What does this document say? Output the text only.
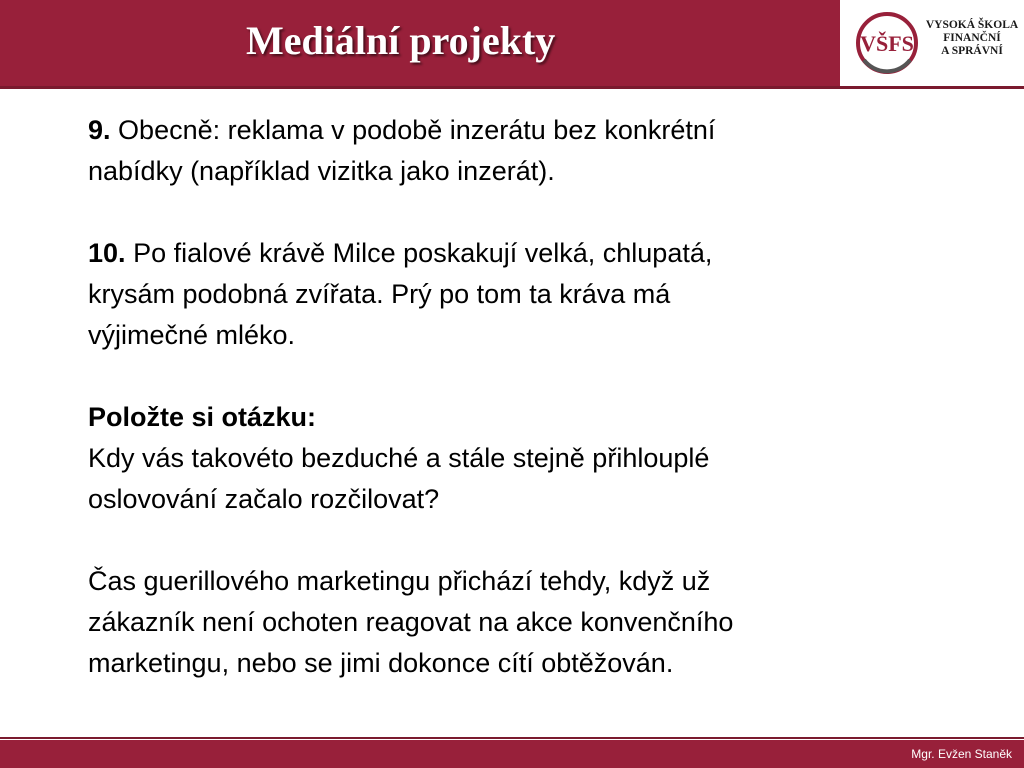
Mediální projekty	VŠFS
VYSOKÁ ŠKOLA
FINANČNÍ
A SPRÁVNÍ

9. Obecně: reklama v podobě inzerátu bez konkrétní
nabídky (například vizitka jako inzerát).

10. Po fialové krávě Milce poskakují velká, chlupatá,
krysám podobná zvířata. Prý po tom ta kráva má
výjimečné mléko.

Položte si otázku:
Kdy vás takovéto bezduché a stále stejně přihlouplé
oslovování začalo rozčilovat?

Čas guerillového marketingu přichází tehdy, když už
zákazník není ochoten reagovat na akce konvenčního
marketingu, nebo se jimi dokonce cítí obtěžován.

Mgr. Evžen Staněk
